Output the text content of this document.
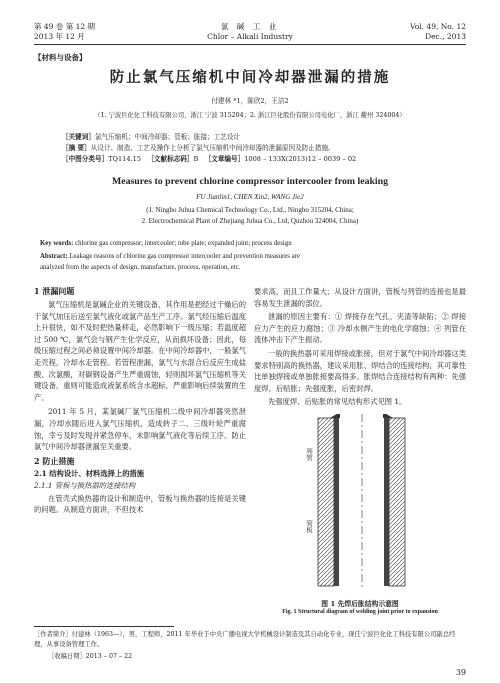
第 49 卷 第 12 期
2013 年 12 月
氯 碱 工 业
Chlor – Alkali Industry
Vol. 49, No. 12
Dec., 2013
【材料与设备】
防止氯气压缩机中间冷却器泄漏的措施
付建林 *1，陈欣2，王洁2
（1. 宁波巨化化工科技有限公司，浙江 宁波 315204；2. 浙江巨化股份有限公司电化厂，浙江 衢州 324004）
［关键词］氯气压缩机；中间冷却器；管板；胀接；工艺设计
［摘 要］从设计、制造、工艺及操作上分析了氯气压缩机中间冷却器的泄漏原因及防止措施。
［中图分类号］TQ114.15 ［文献标志码］B ［文章编号］1008 – 133X(2013)12 – 0039 – 02
Measures to prevent chlorine compressor intercooler from leaking
FU Jianlin1, CHEN Xin2, WANG Jie2
(1. Ningbo Juhua Chemical Technology Co., Ltd., Ningbo 315204, China;
2. Electrochemical Plant of Zhejiang Juhua Co., Ltd, Quzhou 324004, China)
Key words: chlorine gas compressor; intercooler; tube plate; expanded joint; process design
Abstract: Leakage reasons of chlorine gas compressor intercooler and prevention measures are
analyzed from the aspects of design, manufacture, process, operation, etc.
1 泄漏问题
氯气压缩机是氯碱企业的关键设备，其作用是把经过干燥后的干氯气加压后送至氯气液化或氯产品生产工序。氯气经压缩后温度上升很快，如不及时把热量移走，必然影响下一级压缩；若温度超过 500 ℃，氯气会与钢产生化学反应，从而损坏设备；因此，每级压缩过程之间必须设置中间冷却器。在中间冷却器中，一般氯气走壳程，冷却水走管程。若管程泄漏，氯气与水混合后反应生成盐酸、次氯酸，对碳钢设备产生严重腐蚀，轻则损坏氯气压缩机等关键设备，重则可能造成液氯系统含水超标，严重影响后续装置的生产。
2011 年 5 月，某氯碱厂氯气压缩机二级中间冷却器突然泄漏，冷却水随后进入氯气压缩机，造成转子二、三级叶轮严重腐蚀，幸亏及时发现并紧急停车，未影响氯气液化等后续工序。防止氯气中间冷却器泄漏至关重要。
2 防止措施
2.1 结构设计、材料选择上的措施
2.1.1 管板与换热器的连接结构
在管壳式换热器的设计和制造中，管板与换热器的连接是关键的问题。从制造方面讲，不但技术
要求高，而且工作量大；从设计方面讲，管板与列管的连接也是最容易发生泄漏的部位。
泄漏的原因主要有：① 焊接存在气孔、夹渣等缺陷；② 焊接应力产生的应力腐蚀；③ 冷却水侧产生的电化学腐蚀；④ 列管在流体冲击下产生振动。
一般的换热器可采用焊接或胀接，但对于氯气中间冷却器这类要求特别高的换热器，建议采用胀、焊结合的连接结构，其可靠性比单独焊接或单独胀接要高得多。胀焊结合连接结构有两种：先强度焊，后贴胀；先强度胀，后密封焊。
先强度焊、后贴胀的常见结构形式见图 1。
列管
管板
图 1 先焊后胀结构示意图
Fig. 1 Structural diagram of welding joint prior to expansion
［作者简介］付建林（1963—），男，工程师，2011 年毕业于中央广播电视大学机械设计制造及其自动化专业，现任宁波巨化化工科技有限公司副总经理，从事设备管理工作。
［收稿日期］2013 – 07 – 22
39
